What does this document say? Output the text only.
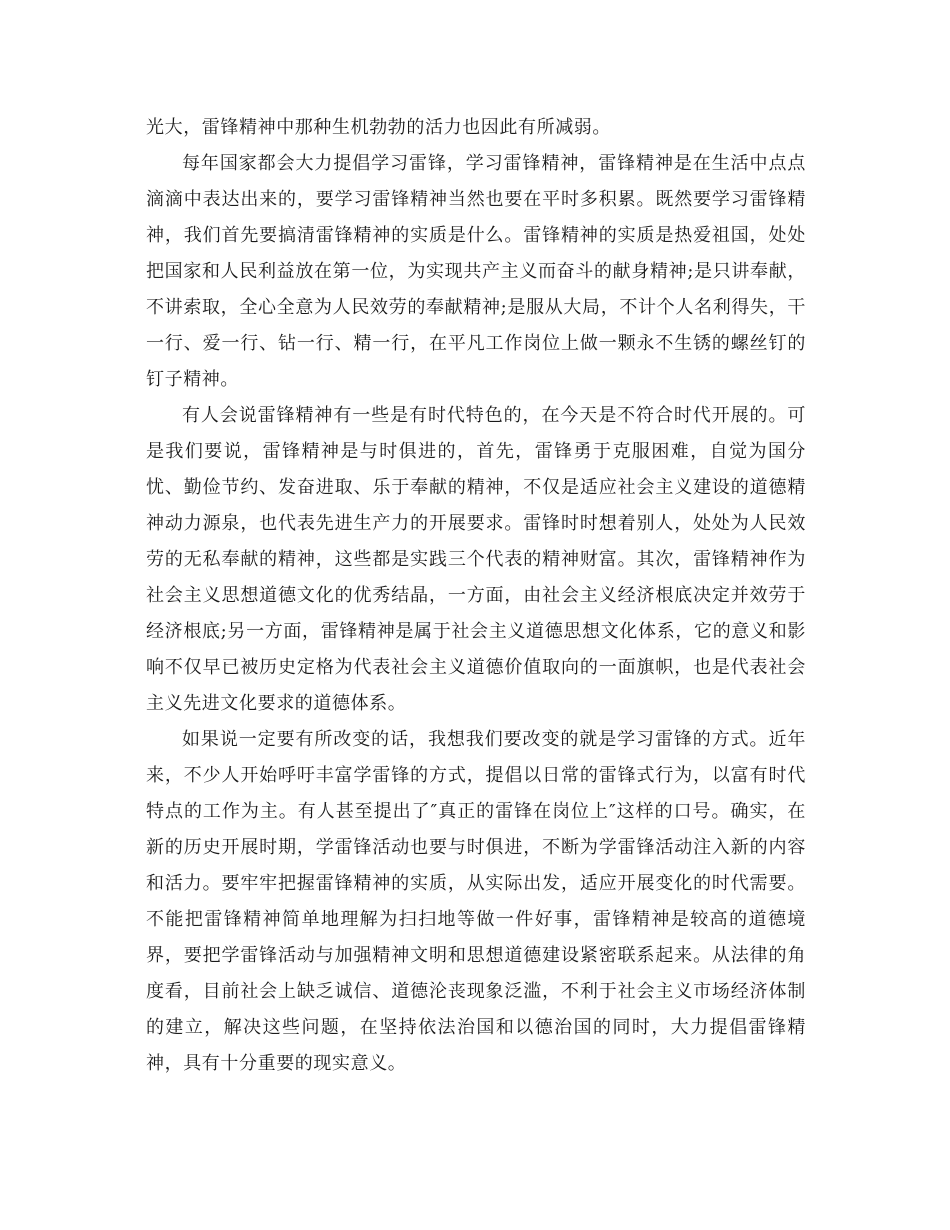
光大，雷锋精神中那种生机勃勃的活力也因此有所减弱。

每年国家都会大力提倡学习雷锋，学习雷锋精神，雷锋精神是在生活中点点滴滴中表达出来的，要学习雷锋精神当然也要在平时多积累。既然要学习雷锋精神，我们首先要搞清雷锋精神的实质是什么。雷锋精神的实质是热爱祖国，处处把国家和人民利益放在第一位，为实现共产主义而奋斗的献身精神;是只讲奉献，不讲索取，全心全意为人民效劳的奉献精神;是服从大局，不计个人名利得失，干一行、爱一行、钻一行、精一行，在平凡工作岗位上做一颗永不生锈的螺丝钉的钉子精神。

有人会说雷锋精神有一些是有时代特色的，在今天是不符合时代开展的。可是我们要说，雷锋精神是与时俱进的，首先，雷锋勇于克服困难，自觉为国分忧、勤俭节约、发奋进取、乐于奉献的精神，不仅是适应社会主义建设的道德精神动力源泉，也代表先进生产力的开展要求。雷锋时时想着别人，处处为人民效劳的无私奉献的精神，这些都是实践三个代表的精神财富。其次，雷锋精神作为社会主义思想道德文化的优秀结晶，一方面，由社会主义经济根底决定并效劳于经济根底;另一方面，雷锋精神是属于社会主义道德思想文化体系，它的意义和影响不仅早已被历史定格为代表社会主义道德价值取向的一面旗帜，也是代表社会主义先进文化要求的道德体系。

如果说一定要有所改变的话，我想我们要改变的就是学习雷锋的方式。近年来，不少人开始呼吁丰富学雷锋的方式，提倡以日常的雷锋式行为，以富有时代特点的工作为主。有人甚至提出了″真正的雷锋在岗位上″这样的口号。确实，在新的历史开展时期，学雷锋活动也要与时俱进，不断为学雷锋活动注入新的内容和活力。要牢牢把握雷锋精神的实质，从实际出发，适应开展变化的时代需要。不能把雷锋精神简单地理解为扫扫地等做一件好事，雷锋精神是较高的道德境界，要把学雷锋活动与加强精神文明和思想道德建设紧密联系起来。从法律的角度看，目前社会上缺乏诚信、道德沦丧现象泛滥，不利于社会主义市场经济体制的建立，解决这些问题，在坚持依法治国和以德治国的同时，大力提倡雷锋精神，具有十分重要的现实意义。
